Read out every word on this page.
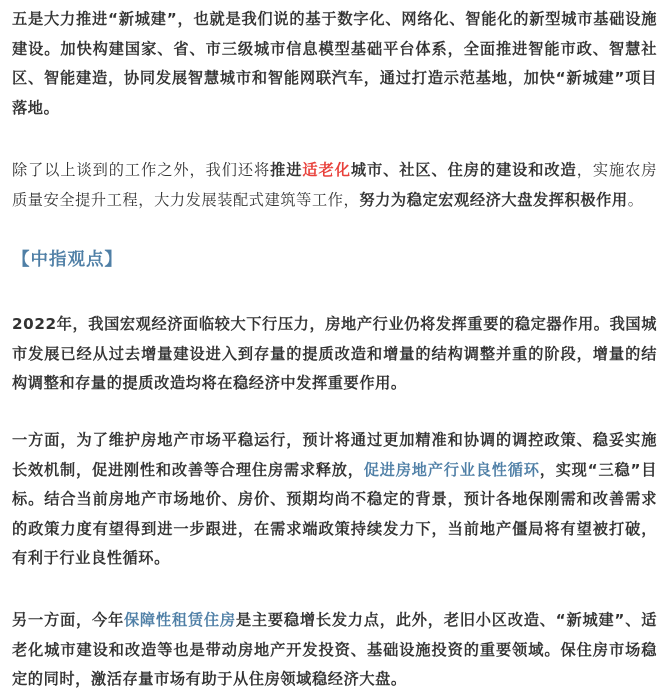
五是大力推进“新城建”，也就是我们说的基于数字化、网络化、智能化的新型城市基础设施建设。加快构建国家、省、市三级城市信息模型基础平台体系，全面推进智能市政、智慧社区、智能建造，协同发展智慧城市和智能网联汽车，通过打造示范基地，加快“新城建”项目落地。

除了以上谈到的工作之外，我们还将推进适老化城市、社区、住房的建设和改造，实施农房质量安全提升工程，大力发展装配式建筑等工作，努力为稳定宏观经济大盘发挥积极作用。

【中指观点】

2022年，我国宏观经济面临较大下行压力，房地产行业仍将发挥重要的稳定器作用。我国城市发展已经从过去增量建设进入到存量的提质改造和增量的结构调整并重的阶段，增量的结构调整和存量的提质改造均将在稳经济中发挥重要作用。

一方面，为了维护房地产市场平稳运行，预计将通过更加精准和协调的调控政策、稳妥实施长效机制，促进刚性和改善等合理住房需求释放，促进房地产行业良性循环，实现“三稳”目标。结合当前房地产市场地价、房价、预期均尚不稳定的背景，预计各地保刚需和改善需求的政策力度有望得到进一步跟进，在需求端政策持续发力下，当前地产僵局将有望被打破，有利于行业良性循环。

另一方面，今年保障性租赁住房是主要稳增长发力点，此外，老旧小区改造、“新城建”、适老化城市建设和改造等也是带动房地产开发投资、基础设施投资的重要领域。保住房市场稳定的同时，激活存量市场有助于从住房领域稳经济大盘。
